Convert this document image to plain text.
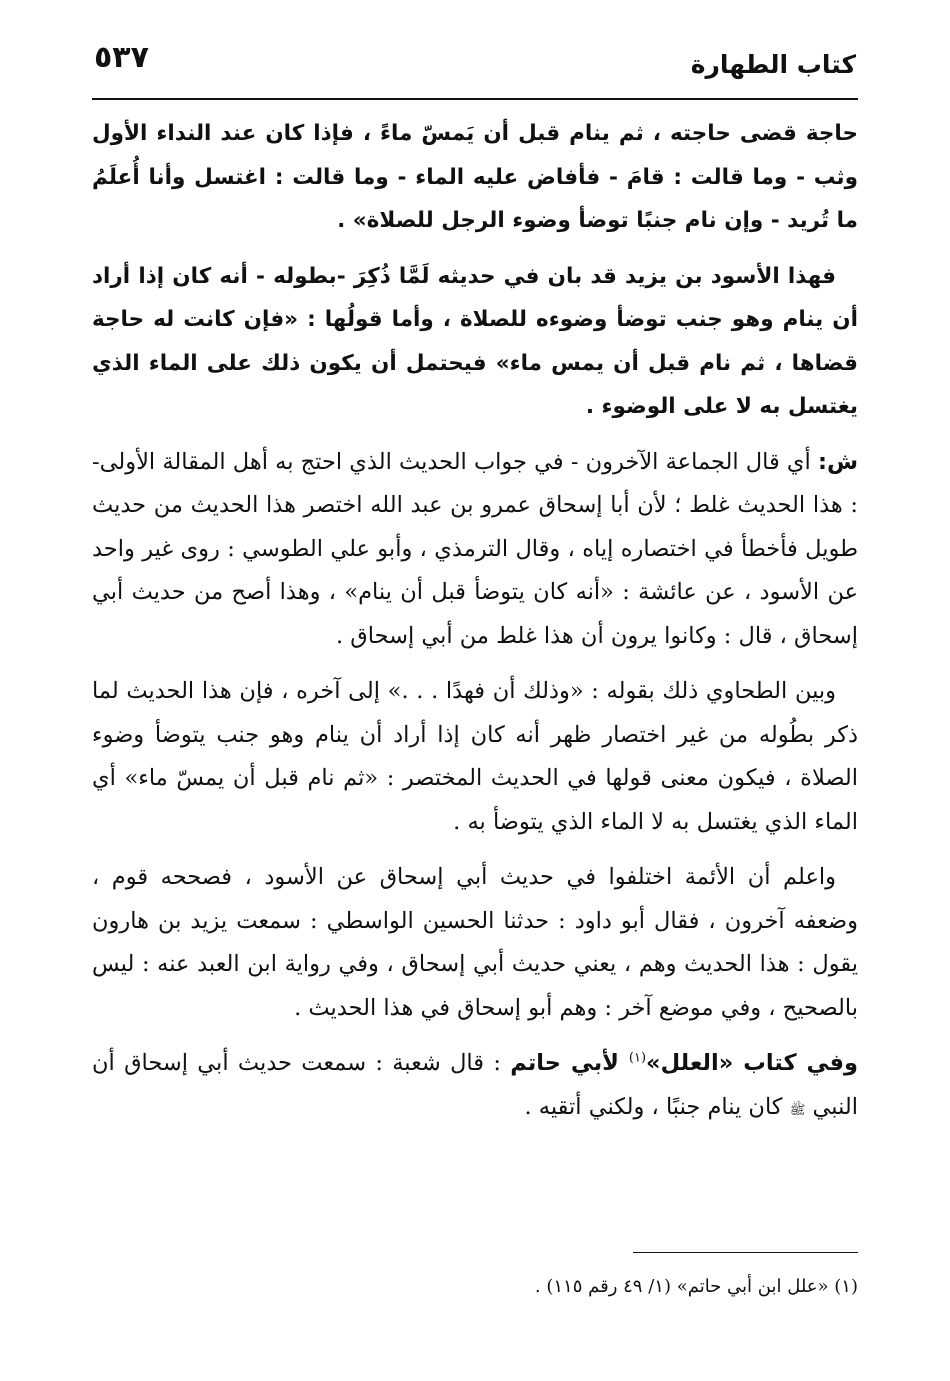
٥٣٧	كتاب الطهارة

حاجة قضى حاجته ، ثم ينام قبل أن يَمسّ ماءً ، فإذا كان عند النداء الأول وثب - وما قالت : قامَ - فأفاض عليه الماء - وما قالت : اغتسل وأنا أُعلَمُ ما تُريد - وإن نام جنبًا توضأ وضوء الرجل للصلاة» .

فهذا الأسود بن يزيد قد بان في حديثه لَمَّا ذُكِرَ -بطوله - أنه كان إذا أراد أن ينام وهو جنب توضأ وضوءه للصلاة ، وأما قولُها : «فإن كانت له حاجة قضاها ، ثم نام قبل أن يمس ماء» فيحتمل أن يكون ذلك على الماء الذي يغتسل به لا على الوضوء .

ش: أي قال الجماعة الآخرون - في جواب الحديث الذي احتج به أهل المقالة الأولى- : هذا الحديث غلط ؛ لأن أبا إسحاق عمرو بن عبد الله اختصر هذا الحديث من حديث طويل فأخطأ في اختصاره إياه ، وقال الترمذي ، وأبو علي الطوسي : روى غير واحد عن الأسود ، عن عائشة : «أنه كان يتوضأ قبل أن ينام» ، وهذا أصح من حديث أبي إسحاق ، قال : وكانوا يرون أن هذا غلط من أبي إسحاق .

وبين الطحاوي ذلك بقوله : «وذلك أن فهدًا . . .» إلى آخره ، فإن هذا الحديث لما ذكر بطُوله من غير اختصار ظهر أنه كان إذا أراد أن ينام وهو جنب يتوضأ وضوء الصلاة ، فيكون معنى قولها في الحديث المختصر : «ثم نام قبل أن يمسّ ماء» أي الماء الذي يغتسل به لا الماء الذي يتوضأ به .

واعلم أن الأئمة اختلفوا في حديث أبي إسحاق عن الأسود ، فصححه قوم ، وضعفه آخرون ، فقال أبو داود : حدثنا الحسين الواسطي : سمعت يزيد بن هارون يقول : هذا الحديث وهم ، يعني حديث أبي إسحاق ، وفي رواية ابن العبد عنه : ليس بالصحيح ، وفي موضع آخر : وهم أبو إسحاق في هذا الحديث .

وفي كتاب «العلل»$^{(١)}$ لأبي حاتم : قال شعبة : سمعت حديث أبي إسحاق أن النبي ﷺ كان ينام جنبًا ، ولكني أتقيه .

(١) «علل ابن أبي حاتم» (١/ ٤٩ رقم ١١٥) .
